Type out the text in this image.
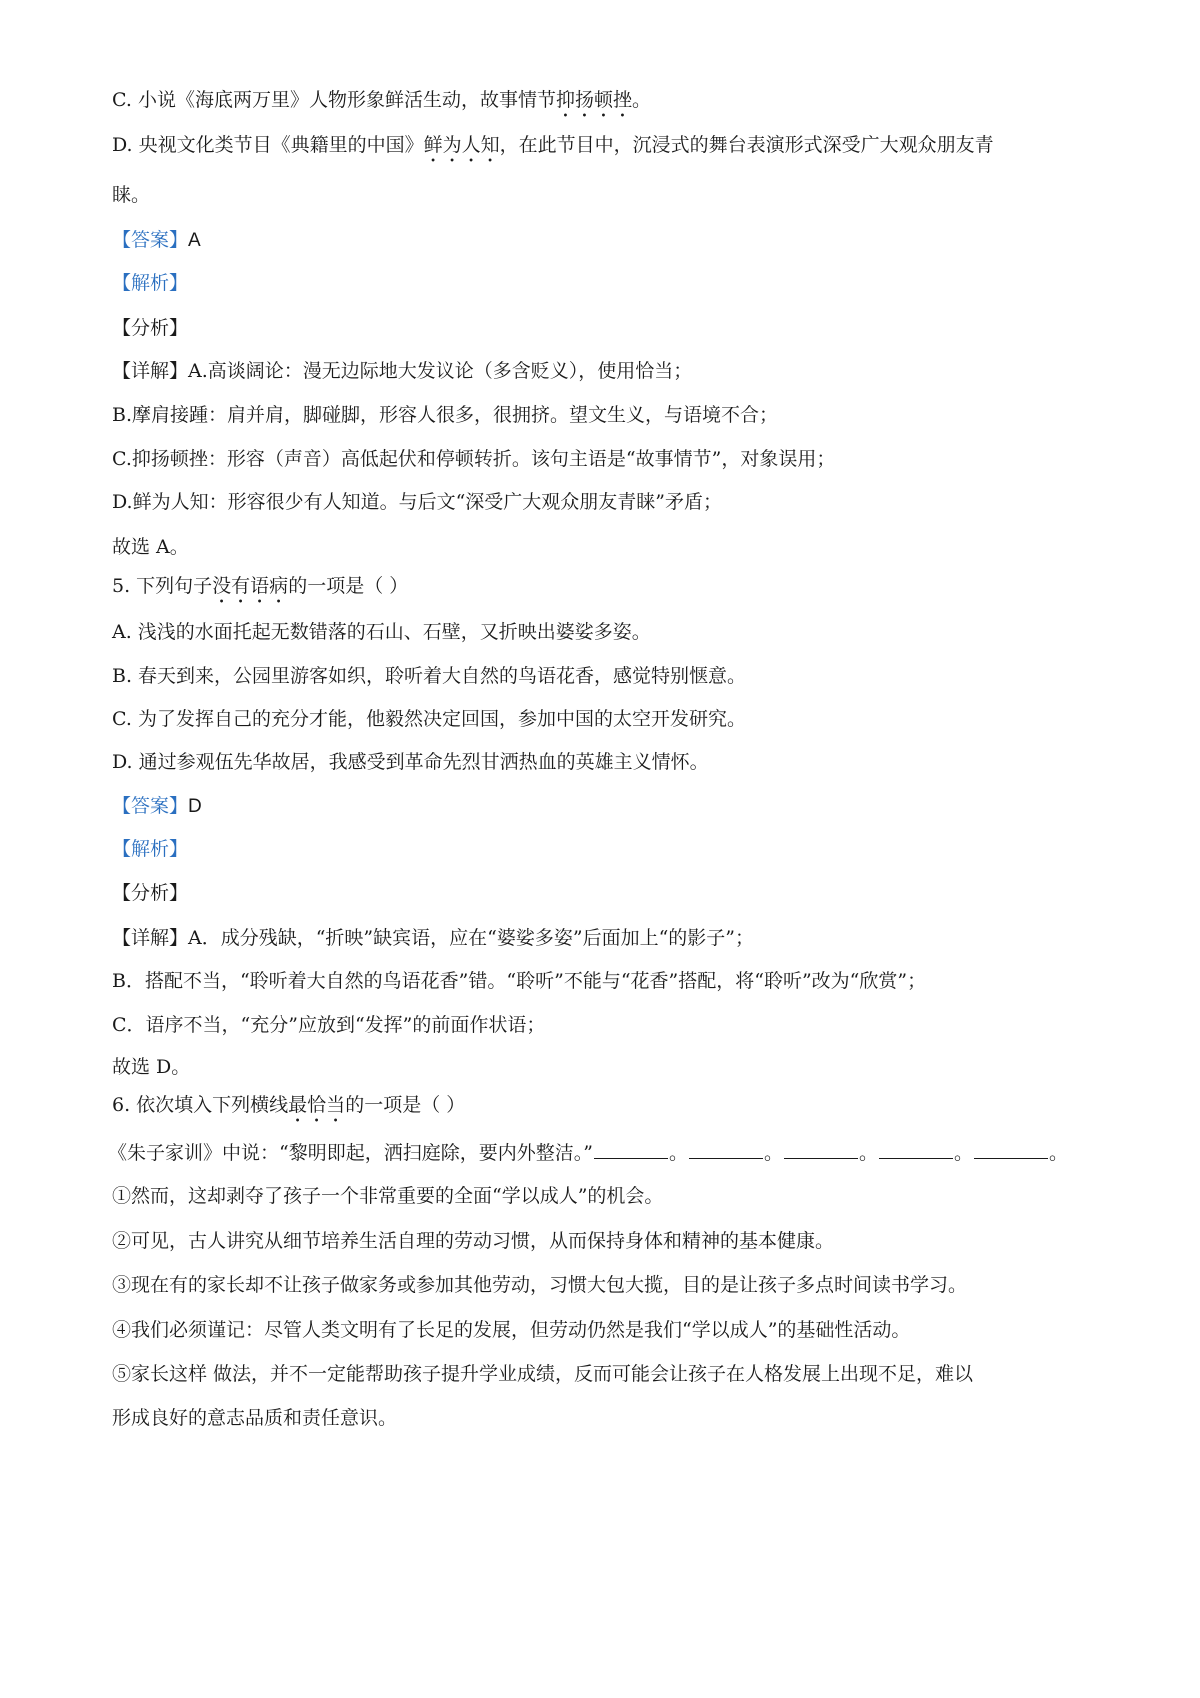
C. 小说《海底两万里》人物形象鲜活生动，故事情节抑扬顿挫。
D. 央视文化类节目《典籍里的中国》鲜为人知，在此节目中，沉浸式的舞台表演形式深受广大观众朋友青
睐。
【答案】A
【解析】
【分析】
【详解】A.高谈阔论：漫无边际地大发议论（多含贬义），使用恰当；
B.摩肩接踵：肩并肩，脚碰脚，形容人很多，很拥挤。望文生义，与语境不合；
C.抑扬顿挫：形容（声音）高低起伏和停顿转折。该句主语是“故事情节”，对象误用；
D.鲜为人知：形容很少有人知道。与后文“深受广大观众朋友青睐”矛盾；
故选 A。
5. 下列句子没有语病的一项是（ ）
A. 浅浅的水面托起无数错落的石山、石壁，又折映出婆娑多姿。
B. 春天到来，公园里游客如织，聆听着大自然的鸟语花香，感觉特别惬意。
C. 为了发挥自己的充分才能，他毅然决定回国，参加中国的太空开发研究。
D. 通过参观伍先华故居，我感受到革命先烈甘洒热血的英雄主义情怀。
【答案】D
【解析】
【分析】
【详解】A．成分残缺，“折映”缺宾语，应在“婆娑多姿”后面加上“的影子”；
B．搭配不当，“聆听着大自然的鸟语花香”错。“聆听”不能与“花香”搭配，将“聆听”改为“欣赏”；
C．语序不当，“充分”应放到“发挥”的前面作状语；
故选 D。
6. 依次填入下列横线最恰当的一项是（ ）
《朱子家训》中说：“黎明即起，洒扫庭除，要内外整洁。”	。	。	。	。	。
①然而，这却剥夺了孩子一个非常重要的全面“学以成人”的机会。
②可见，古人讲究从细节培养生活自理的劳动习惯，从而保持身体和精神的基本健康。
③现在有的家长却不让孩子做家务或参加其他劳动，习惯大包大揽，目的是让孩子多点时间读书学习。
④我们必须谨记：尽管人类文明有了长足的发展，但劳动仍然是我们“学以成人”的基础性活动。
⑤家长这样 做法，并不一定能帮助孩子提升学业成绩，反而可能会让孩子在人格发展上出现不足，难以
形成良好的意志品质和责任意识。
